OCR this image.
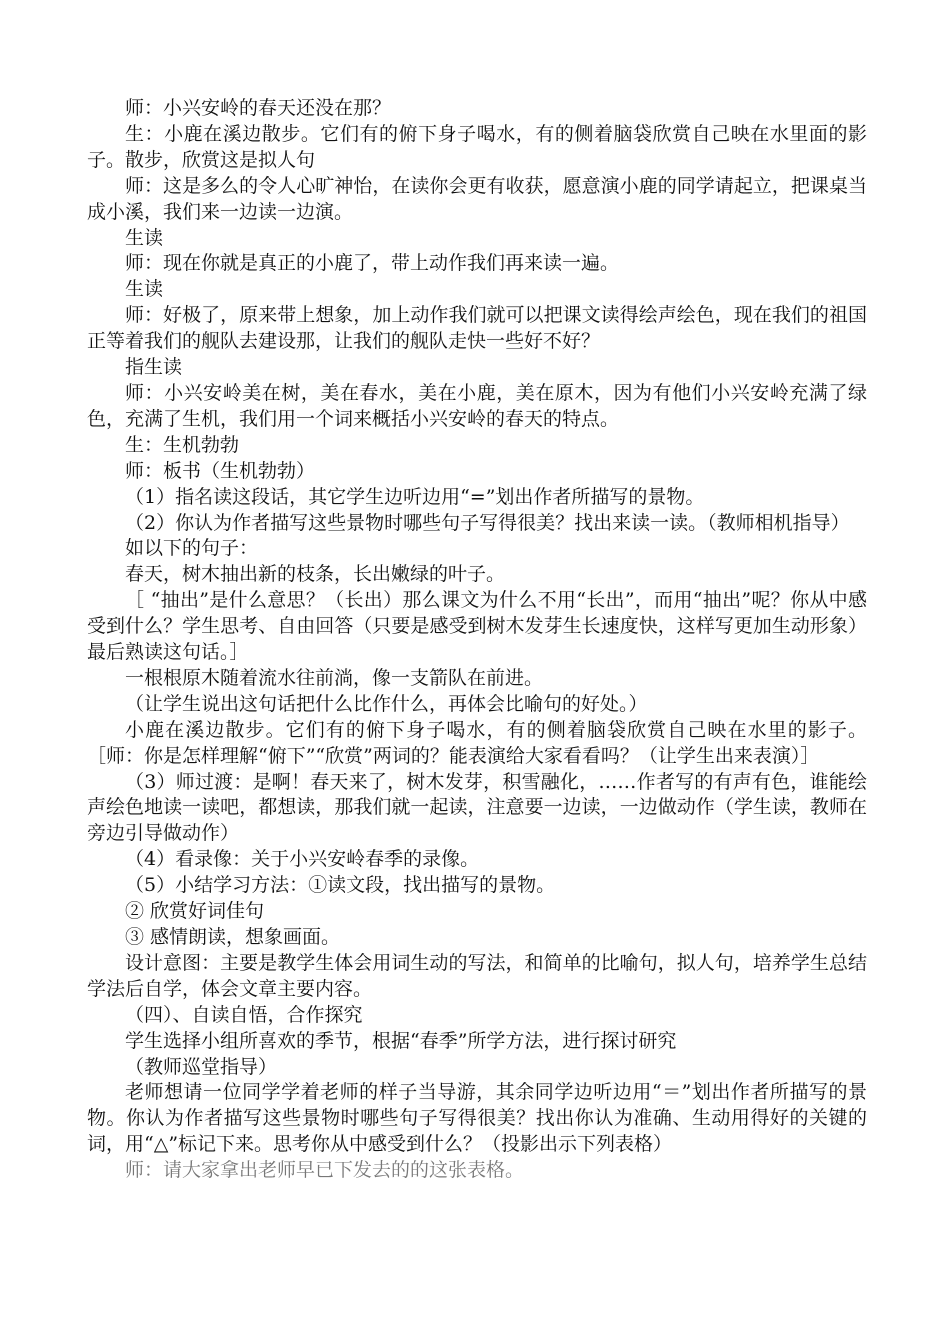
师：小兴安岭的春天还没在那？

生：小鹿在溪边散步。它们有的俯下身子喝水，有的侧着脑袋欣赏自己映在水里面的影子。散步，欣赏这是拟人句

师：这是多么的令人心旷神怡，在读你会更有收获，愿意演小鹿的同学请起立，把课桌当成小溪，我们来一边读一边演。

生读

师：现在你就是真正的小鹿了，带上动作我们再来读一遍。

生读

师：好极了，原来带上想象，加上动作我们就可以把课文读得绘声绘色，现在我们的祖国正等着我们的舰队去建设那，让我们的舰队走快一些好不好？

指生读

师：小兴安岭美在树，美在春水，美在小鹿，美在原木，因为有他们小兴安岭充满了绿色，充满了生机，我们用一个词来概括小兴安岭的春天的特点。

生：生机勃勃

师：板书（生机勃勃）

（1）指名读这段话，其它学生边听边用“=”划出作者所描写的景物。

（2）你认为作者描写这些景物时哪些句子写得很美？找出来读一读。（教师相机指导）

如以下的句子：

春天，树木抽出新的枝条，长出嫩绿的叶子。

［ “抽出”是什么意思？（长出）那么课文为什么不用“长出”，而用“抽出”呢？你从中感受到什么？学生思考、自由回答（只要是感受到树木发芽生长速度快，这样写更加生动形象）最后熟读这句话。］

一根根原木随着流水往前淌，像一支箭队在前进。

（让学生说出这句话把什么比作什么，再体会比喻句的好处。）

小鹿在溪边散步。它们有的俯下身子喝水，有的侧着脑袋欣赏自己映在水里的影子。［师：你是怎样理解“俯下”“欣赏”两词的？能表演给大家看看吗？（让学生出来表演）］

（3）师过渡：是啊！春天来了，树木发芽，积雪融化，……作者写的有声有色，谁能绘声绘色地读一读吧，都想读，那我们就一起读，注意要一边读，一边做动作（学生读，教师在旁边引导做动作）

（4）看录像：关于小兴安岭春季的录像。

（5）小结学习方法：①读文段，找出描写的景物。

② 欣赏好词佳句

③ 感情朗读，想象画面。

设计意图：主要是教学生体会用词生动的写法，和简单的比喻句，拟人句，培养学生总结学法后自学，体会文章主要内容。

（四）、自读自悟，合作探究

学生选择小组所喜欢的季节，根据“春季”所学方法，进行探讨研究

（教师巡堂指导）

老师想请一位同学学着老师的样子当导游，其余同学边听边用“＝”划出作者所描写的景物。你认为作者描写这些景物时哪些句子写得很美？找出你认为准确、生动用得好的关键的词，用“△”标记下来。思考你从中感受到什么？（投影出示下列表格）

师：请大家拿出老师早已下发去的的这张表格。
